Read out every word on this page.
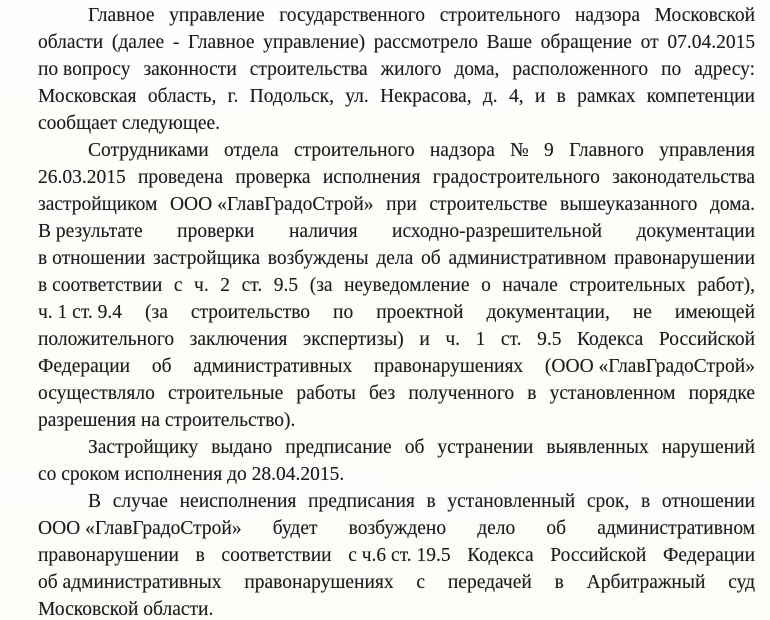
Главное управление государственного строительного надзора Московской
области (далее - Главное управление) рассмотрело Ваше обращение от 07.04.2015
по вопросу законности строительства жилого дома, расположенного по адресу:
Московская область, г. Подольск, ул. Некрасова, д. 4, и в рамках компетенции
сообщает следующее.
Сотрудниками отдела строительного надзора № 9 Главного управления
26.03.2015 проведена проверка исполнения градостроительного законодательства
застройщиком ООО «ГлавГрадоСтрой» при строительстве вышеуказанного дома.
В результате проверки наличия исходно-разрешительной документации
в отношении застройщика возбуждены дела об административном правонарушении
в соответствии с ч. 2 ст. 9.5 (за неуведомление о начале строительных работ),
ч. 1 ст. 9.4 (за строительство по проектной документации, не имеющей
положительного заключения экспертизы) и ч. 1 ст. 9.5 Кодекса Российской
Федерации об административных правонарушениях (ООО «ГлавГрадоСтрой»
осуществляло строительные работы без полученного в установленном порядке
разрешения на строительство).
Застройщику выдано предписание об устранении выявленных нарушений
со сроком исполнения до 28.04.2015.
В случае неисполнения предписания в установленный срок, в отношении
ООО «ГлавГрадоСтрой» будет возбуждено дело об административном
правонарушении в соответствии с ч.6 ст. 19.5 Кодекса Российской Федерации
об административных правонарушениях с передачей в Арбитражный суд
Московской области.
